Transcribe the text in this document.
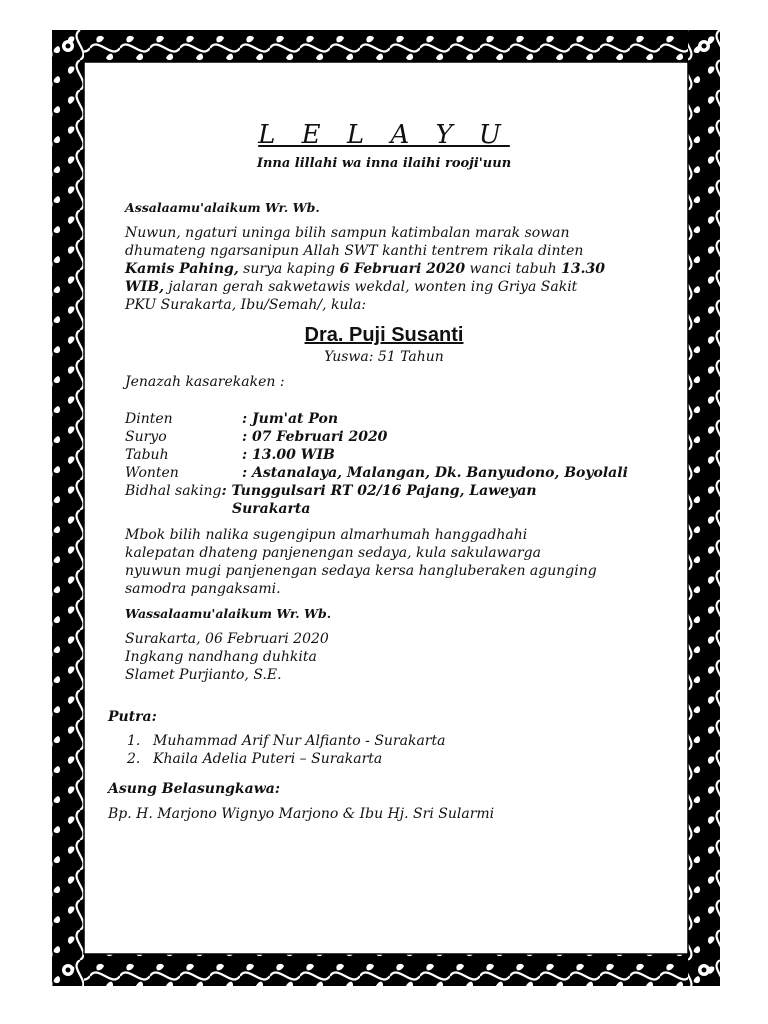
L E L A Y U
Inna lillahi wa inna ilaihi rooji'uun
Assalaamu'alaikum Wr. Wb.
Nuwun, ngaturi uninga bilih sampun katimbalan marak sowan
dhumateng ngarsanipun Allah SWT kanthi tentrem rikala dinten
Kamis Pahing, surya kaping 6 Februari 2020 wanci tabuh 13.30
WIB, jalaran gerah sakwetawis wekdal, wonten ing Griya Sakit
PKU Surakarta, Ibu/Semah/, kula:
Dra. Puji Susanti
Yuswa: 51 Tahun
Jenazah kasarekaken :
Dinten	: Jum'at Pon
Suryo	: 07 Februari 2020
Tabuh	: 13.00 WIB
Wonten	: Astanalaya, Malangan, Dk. Banyudono, Boyolali
Bidhal saking: Tunggulsari RT 02/16 Pajang, Laweyan
Surakarta
Mbok bilih nalika sugengipun almarhumah hanggadhahi
kalepatan dhateng panjenengan sedaya, kula sakulawarga
nyuwun mugi panjenengan sedaya kersa hangluberaken agunging
samodra pangaksami.
Wassalaamu'alaikum Wr. Wb.
Surakarta, 06 Februari 2020
Ingkang nandhang duhkita
Slamet Purjianto, S.E.
Putra:
1. Muhammad Arif Nur Alfianto - Surakarta
2. Khaila Adelia Puteri – Surakarta
Asung Belasungkawa:
Bp. H. Marjono Wignyo Marjono & Ibu Hj. Sri Sularmi
